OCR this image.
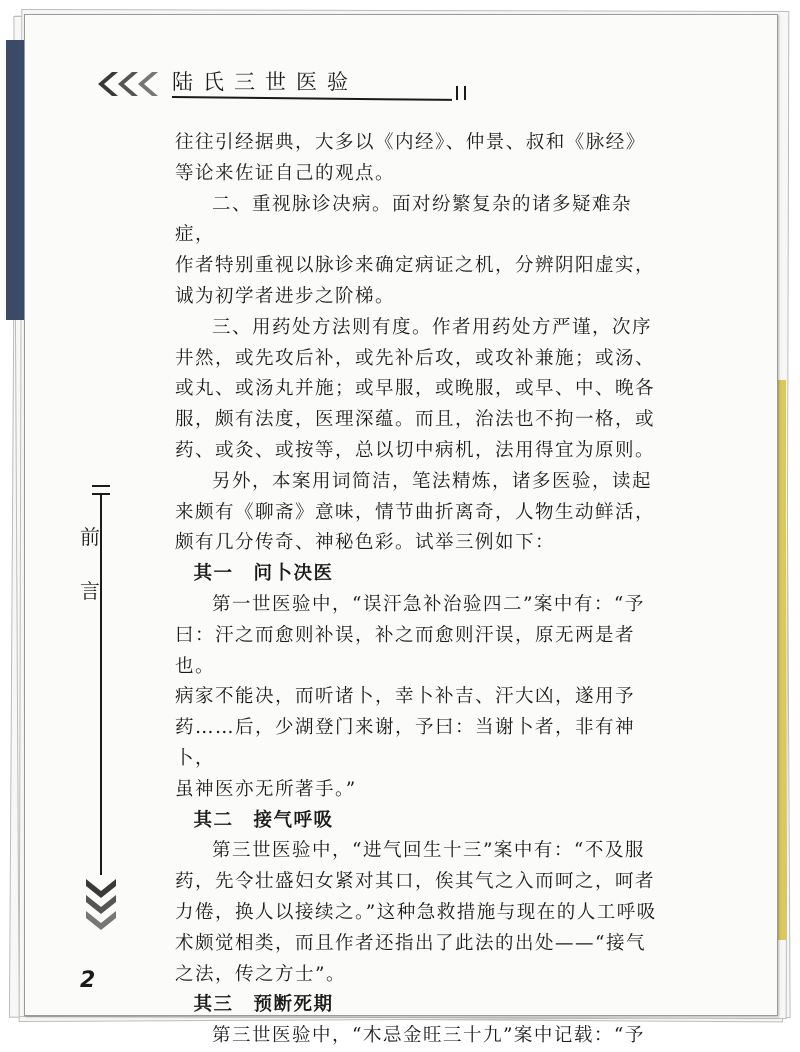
陆氏三世医验
前
言
2

往往引经据典，大多以《内经》、仲景、叔和《脉经》

等论来佐证自己的观点。

二、重视脉诊决病。面对纷繁复杂的诸多疑难杂症，

作者特别重视以脉诊来确定病证之机，分辨阴阳虚实，

诚为初学者进步之阶梯。

三、用药处方法则有度。作者用药处方严谨，次序

井然，或先攻后补，或先补后攻，或攻补兼施；或汤、

或丸、或汤丸并施；或早服，或晚服，或早、中、晚各

服，颇有法度，医理深蕴。而且，治法也不拘一格，或

药、或灸、或按等，总以切中病机，法用得宜为原则。

另外，本案用词简洁，笔法精炼，诸多医验，读起

来颇有《聊斋》意味，情节曲折离奇，人物生动鲜活，

颇有几分传奇、神秘色彩。试举三例如下：

其一　问卜决医

第一世医验中，“误汗急补治验四二”案中有：“予

曰：汗之而愈则补误，补之而愈则汗误，原无两是者也。

病家不能决，而听诸卜，幸卜补吉、汗大凶，遂用予

药……后，少湖登门来谢，予曰：当谢卜者，非有神卜，

虽神医亦无所著手。”

其二　接气呼吸

第三世医验中，“进气回生十三”案中有：“不及服

药，先令壮盛妇女紧对其口，俟其气之入而呵之，呵者

力倦，换人以接续之。”这种急救措施与现在的人工呼吸

术颇觉相类，而且作者还指出了此法的出处——“接气

之法，传之方士”。

其三　预断死期

第三世医验中，“木忌金旺三十九”案中记载：“予
